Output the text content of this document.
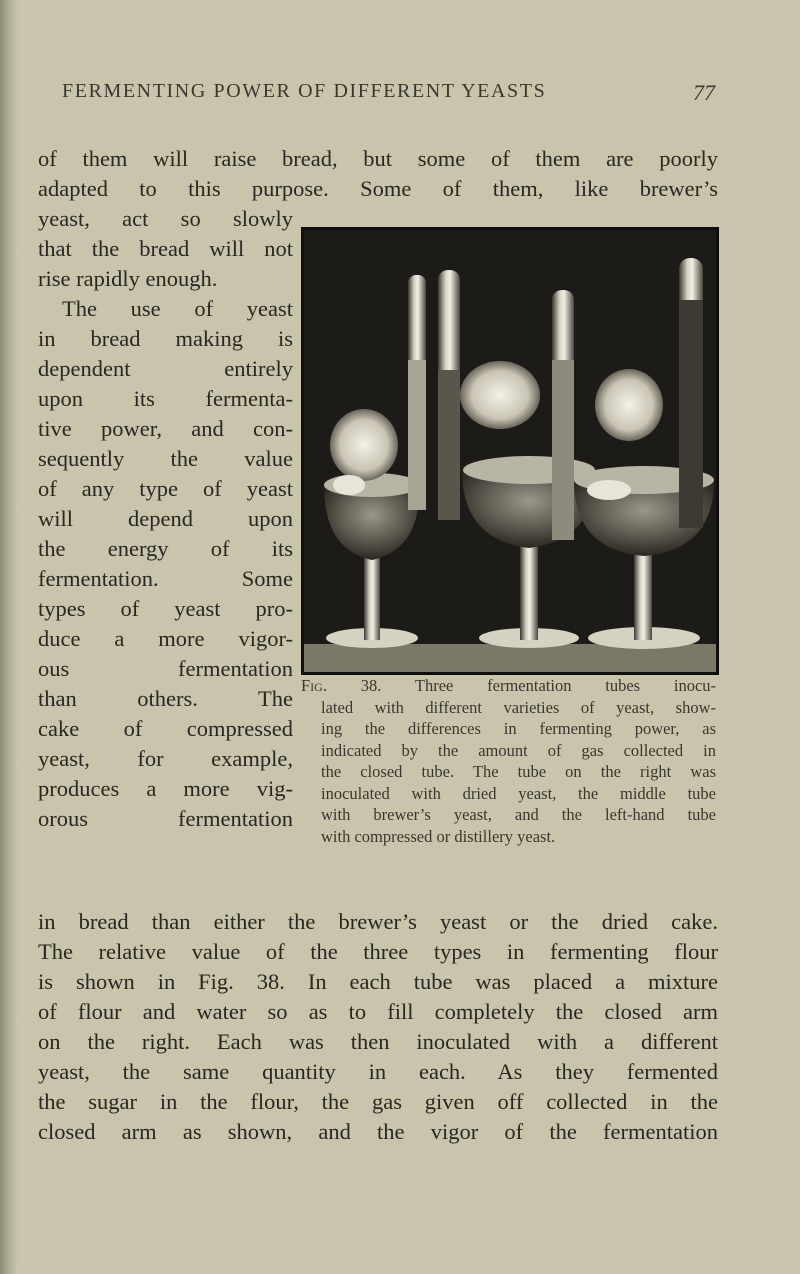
FERMENTING POWER OF DIFFERENT YEASTS	77
of them will raise bread, but some of them are poorly
adapted to this purpose. Some of them, like brewer’s
yeast, act so slowly
that the bread will not
rise rapidly enough.
The use of yeast
in bread making is
dependent entirely
upon its fermenta-
tive power, and con-
sequently the value
of any type of yeast
will depend upon
the energy of its
fermentation. Some
types of yeast pro-
duce a more vigor-
ous fermentation
than others. The
cake of compressed
yeast, for example,
produces a more vig-
orous fermentation
Fig. 38. Three fermentation tubes inocu-
lated with different varieties of yeast, show-
ing the differences in fermenting power, as
indicated by the amount of gas collected in
the closed tube. The tube on the right was
inoculated with dried yeast, the middle tube
with brewer’s yeast, and the left-hand tube
with compressed or distillery yeast.
in bread than either the brewer’s yeast or the dried cake.
The relative value of the three types in fermenting flour
is shown in Fig. 38. In each tube was placed a mixture
of flour and water so as to fill completely the closed arm
on the right. Each was then inoculated with a different
yeast, the same quantity in each. As they fermented
the sugar in the flour, the gas given off collected in the
closed arm as shown, and the vigor of the fermentation
